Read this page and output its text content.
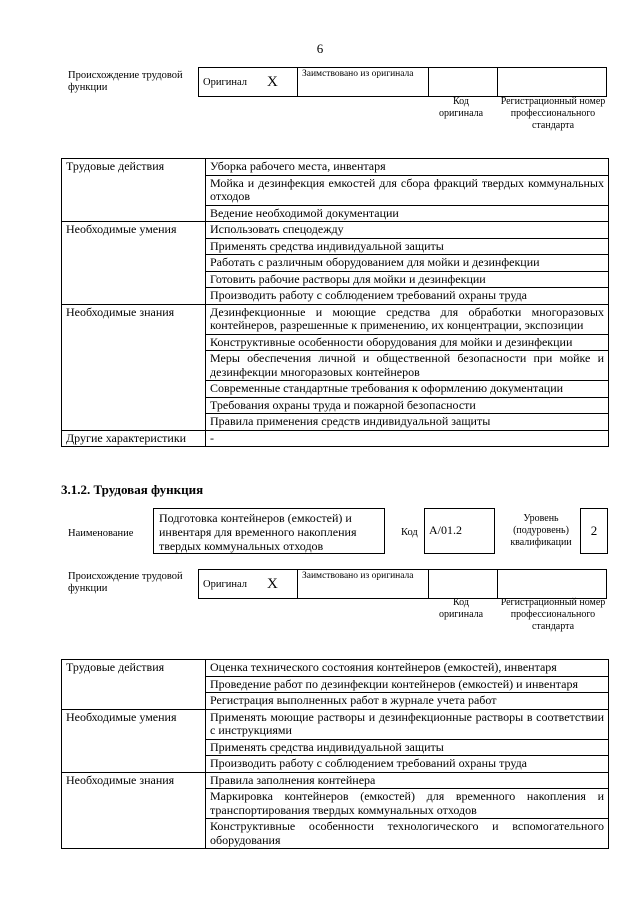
6
Происхождение трудовой функции	Оригинал	X	Заимствовано из оригинала		
Код оригинала
Регистрационный номер профессионального стандарта
Трудовые действия	Уборка рабочего места, инвентаря
	Мойка и дезинфекция емкостей для сбора фракций твердых коммунальных отходов
	Ведение необходимой документации
Необходимые умения	Использовать спецодежду
	Применять средства индивидуальной защиты
	Работать с различным оборудованием для мойки и дезинфекции
	Готовить рабочие растворы для мойки и дезинфекции
	Производить работу с соблюдением требований охраны труда
Необходимые знания	Дезинфекционные и моющие средства для обработки многоразовых контейнеров, разрешенные к применению, их концентрации, экспозиции
	Конструктивные особенности оборудования для мойки и дезинфекции
	Меры обеспечения личной и общественной безопасности при мойке и дезинфекции многоразовых контейнеров
	Современные стандартные требования к оформлению документации
	Требования охраны труда и пожарной безопасности
	Правила применения средств индивидуальной защиты
Другие характеристики	-
3.1.2. Трудовая функция
Наименование
Подготовка контейнеров (емкостей) и инвентаря для временного накопления твердых коммунальных отходов
Код A/01.2
Уровень (подуровень) квалификации
2
Происхождение трудовой функции	Оригинал	X	Заимствовано из оригинала		
Код оригинала
Регистрационный номер профессионального стандарта
Трудовые действия	Оценка технического состояния контейнеров (емкостей), инвентаря
	Проведение работ по дезинфекции контейнеров (емкостей) и инвентаря
	Регистрация выполненных работ в журнале учета работ
Необходимые умения	Применять моющие растворы и дезинфекционные растворы в соответствии с инструкциями
	Применять средства индивидуальной защиты
	Производить работу с соблюдением требований охраны труда
Необходимые знания	Правила заполнения контейнера
	Маркировка контейнеров (емкостей) для временного накопления и транспортирования твердых коммунальных отходов
	Конструктивные особенности технологического и вспомогательного оборудования
